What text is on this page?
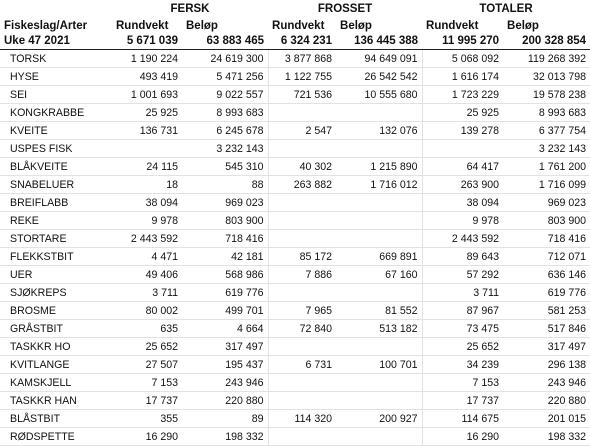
	FERSK		FROSSET		TOTALER	
Fiskeslag/Arter	Rundvekt	Beløp	Rundvekt	Beløp	Rundvekt	Beløp
Uke 47 2021	5 671 039	63 883 465	6 324 231	136 445 388	11 995 270	200 328 854
TORSK	1 190 224	24 619 300	3 877 868	94 649 091	5 068 092	119 268 392
HYSE	493 419	5 471 256	1 122 755	26 542 542	1 616 174	32 013 798
SEI	1 001 693	9 022 557	721 536	10 555 680	1 723 229	19 578 238
KONGKRABBE	25 925	8 993 683			25 925	8 993 683
KVEITE	136 731	6 245 678	2 547	132 076	139 278	6 377 754
USPES FISK		3 232 143				3 232 143
BLÅKVEITE	24 115	545 310	40 302	1 215 890	64 417	1 761 200
SNABELUER	18	88	263 882	1 716 012	263 900	1 716 099
BREIFLABB	38 094	969 023			38 094	969 023
REKE	9 978	803 900			9 978	803 900
STORTARE	2 443 592	718 416			2 443 592	718 416
FLEKKSTBIT	4 471	42 181	85 172	669 891	89 643	712 071
UER	49 406	568 986	7 886	67 160	57 292	636 146
SJØKREPS	3 711	619 776			3 711	619 776
BROSME	80 002	499 701	7 965	81 552	87 967	581 253
GRÅSTBIT	635	4 664	72 840	513 182	73 475	517 846
TASKKR HO	25 652	317 497			25 652	317 497
KVITLANGE	27 507	195 437	6 731	100 701	34 239	296 138
KAMSKJELL	7 153	243 946			7 153	243 946
TASKKR HAN	17 737	220 880			17 737	220 880
BLÅSTBIT	355	89	114 320	200 927	114 675	201 015
RØDSPETTE	16 290	198 332			16 290	198 332
